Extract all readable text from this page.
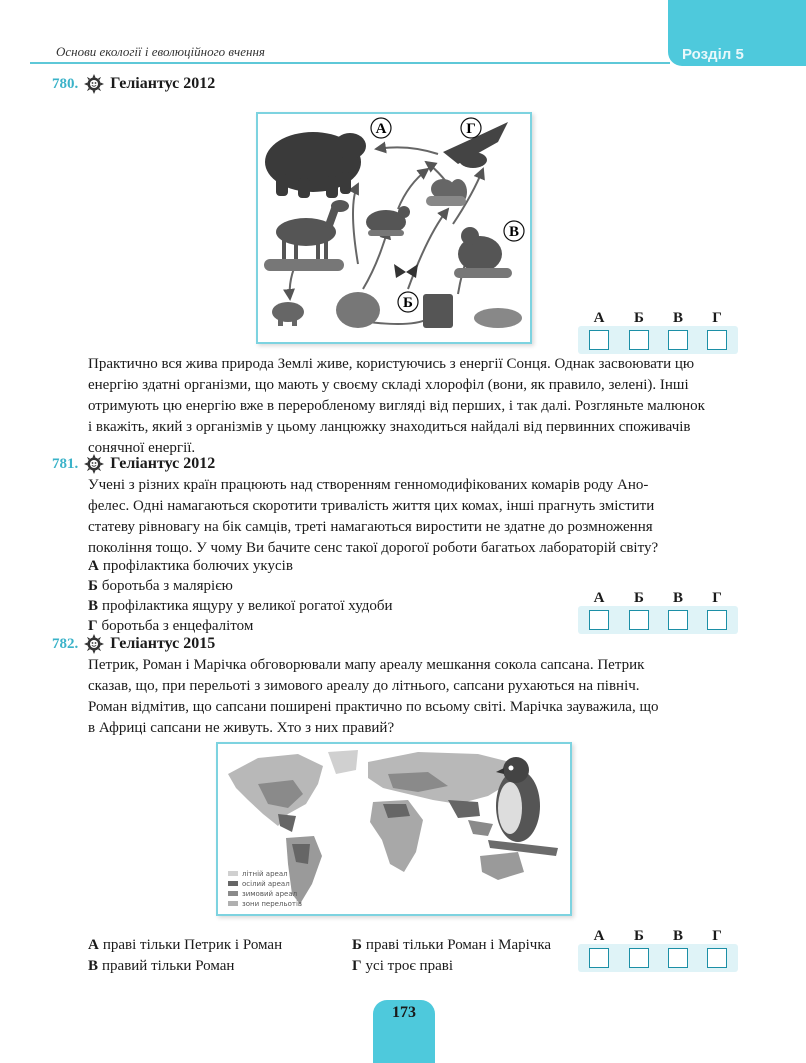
Основи екології і еволюційного вчення	Розділ 5
780. Геліантус 2012
А	Г
В
Б
А	Б	В	Г
Практично вся жива природа Землі живе, користуючись з енергії Сонця. Однак засвоювати цю
енергію здатні організми, що мають у своєму складі хлорофіл (вони, як правило, зелені). Інші
отримують цю енергію вже в переробленому вигляді від перших, і так далі. Розгляньте малюнок
і вкажіть, який з організмів у цьому ланцюжку знаходиться найдалі від первинних споживачів
сонячної енергії.
781. Геліантус 2012
Учені з різних країн працюють над створенням генномодифікованих комарів роду Ано-
фелес. Одні намагаються скоротити тривалість життя цих комах, інші прагнуть змістити
статеву рівновагу на бік самців, треті намагаються виростити не здатне до розмноження
покоління тощо. У чому Ви бачите сенс такої дорогої роботи багатьох лабораторій світу?
А профілактика болючих укусів
Б боротьба з малярією
В профілактика ящуру у великої рогатої худоби
Г боротьба з енцефалітом
А	Б	В	Г
782. Геліантус 2015
Петрик, Роман і Марічка обговорювали мапу ареалу мешкання сокола сапсана. Петрик
сказав, що, при перельоті з зимового ареалу до літнього, сапсани рухаються на північ.
Роман відмітив, що сапсани поширені практично по всьому світі. Марічка зауважила, що
в Африці сапсани не живуть. Хто з них правий?
літній ареал
осілий ареал
зимовий ареал
зони перельотів
А праві тільки Петрик і Роман	Б праві тільки Роман і Марічка
В правий тільки Роман	Г усі троє праві
А	Б	В	Г
173
